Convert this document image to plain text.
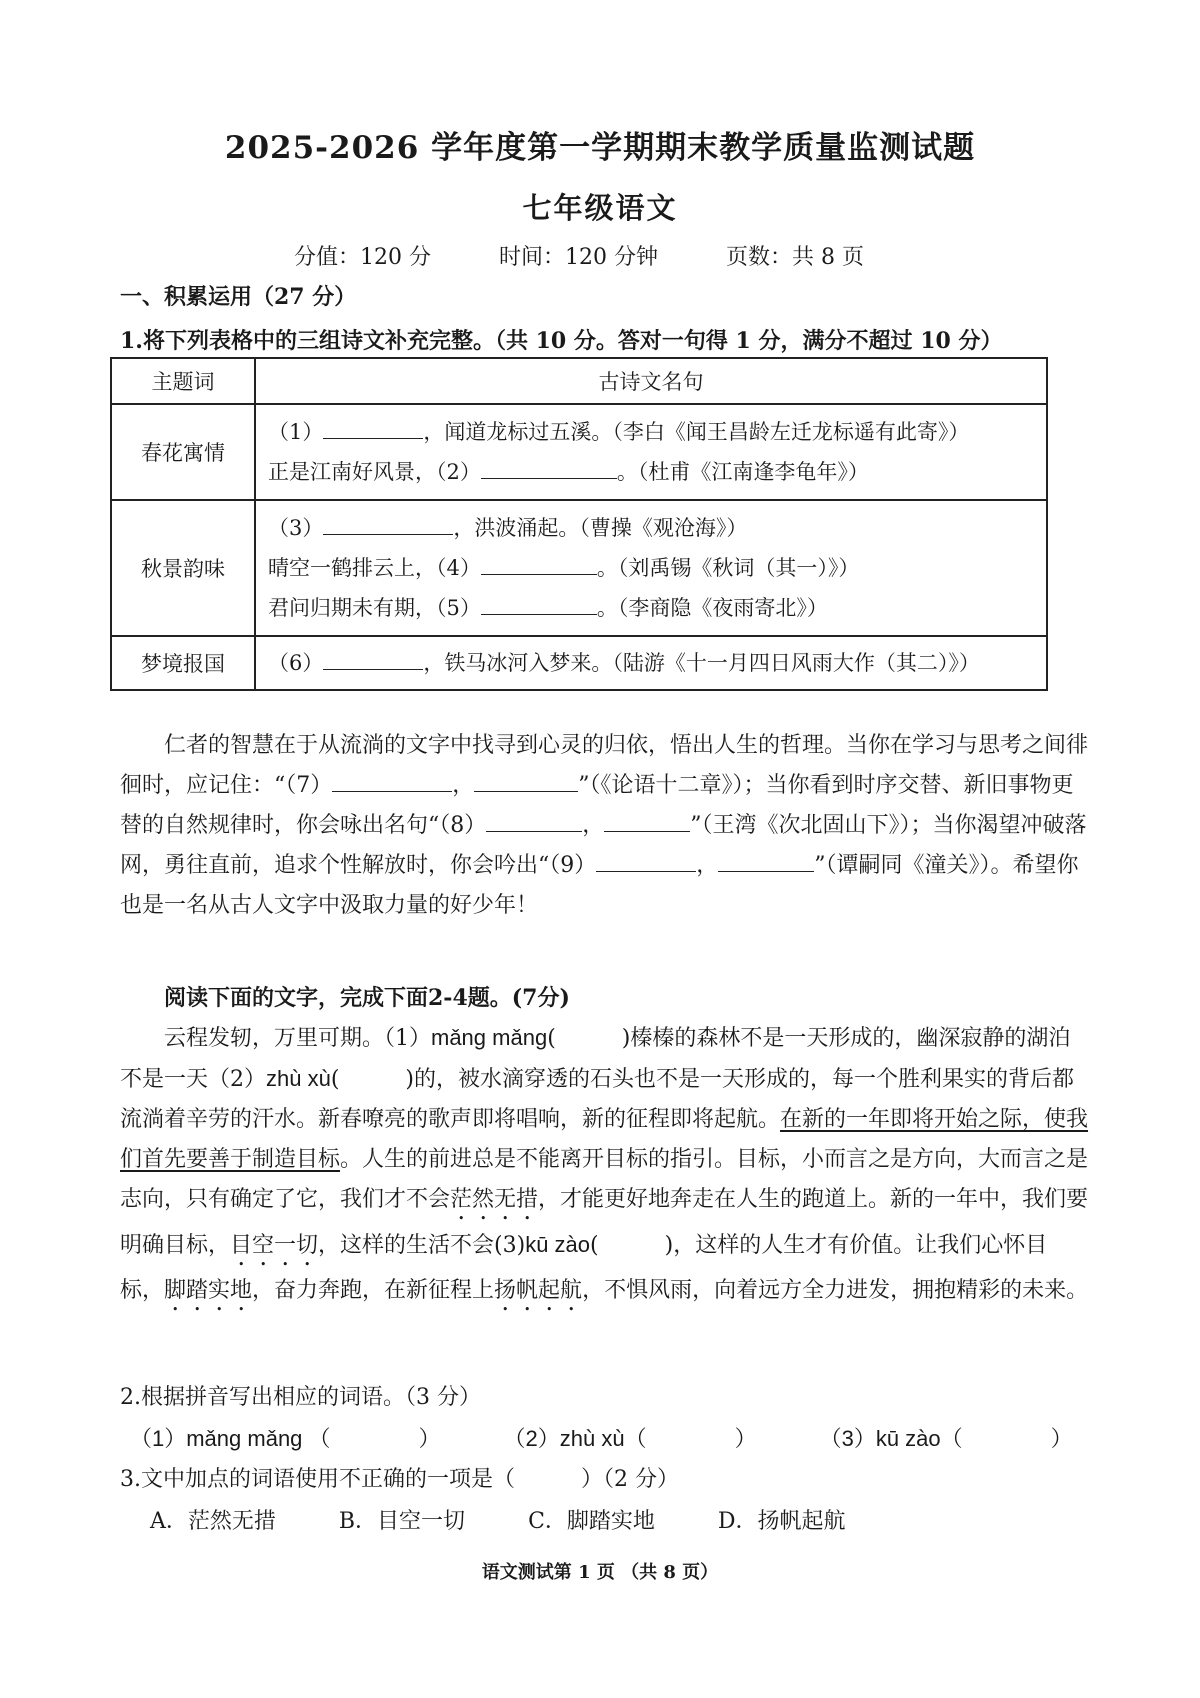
2025-2026 学年度第一学期期末教学质量监测试题
七年级语文
分值：120 分	时间：120 分钟	页数：共 8 页
一、积累运用（27 分）
1.将下列表格中的三组诗文补充完整。（共 10 分。答对一句得 1 分，满分不超过 10 分）
主题词	古诗文名句
春花寓情	（1） ，闻道龙标过五溪。（李白《闻王昌龄左迁龙标遥有此寄》）
正是江南好风景，（2） 。（杜甫《江南逢李龟年》）

秋景韵味	（3） ，洪波涌起。（曹操《观沧海》）
晴空一鹤排云上，（4） 。（刘禹锡《秋词（其一）》）
君问归期未有期，（5） 。（李商隐《夜雨寄北》）

梦境报国	（6） ，铁马冰河入梦来。（陆游《十一月四日风雨大作（其二）》）
仁者的智慧在于从流淌的文字中找寻到心灵的归依，悟出人生的哲理。当你在学习与思考之间徘徊时，应记住：“（7）	，	”（《论语十二章》）；当你看到时序交替、新旧事物更替的自然规律时，你会咏出名句“（8）	，	”（王湾《次北固山下》）；当你渴望冲破落网，勇往直前，追求个性解放时，你会吟出“（9）	，	”（谭嗣同《潼关》）。希望你也是一名从古人文字中汲取力量的好少年！
阅读下面的文字，完成下面2-4题。(7分)
云程发轫，万里可期。（1）mǎng mǎng(　　　)榛榛的森林不是一天形成的，幽深寂静的湖泊不是一天（2）zhù xù(　　　)的，被水滴穿透的石头也不是一天形成的，每一个胜利果实的背后都流淌着辛劳的汗水。新春嘹亮的歌声即将唱响，新的征程即将起航。在新的一年即将开始之际，使我们首先要善于制造目标。人生的前进总是不能离开目标的指引。目标，小而言之是方向，大而言之是志向，只有确定了它，我们才不会茫然无措，才能更好地奔走在人生的跑道上。新的一年中，我们要明确目标，目空一切，这样的生活不会(3)kū zào(　　　)，这样的人生才有价值。让我们心怀目标，脚踏实地，奋力奔跑，在新征程上扬帆起航，不惧风雨，向着远方全力进发，拥抱精彩的未来。
2.根据拼音写出相应的词语。（3 分）
（1）mǎng mǎng （　　　　）	（2）zhù xù（　　　　）	（3）kū zào（　　　　）
3.文中加点的词语使用不正确的一项是（　　　）（2 分）
A．茫然无措	B．目空一切	C．脚踏实地	D．扬帆起航
语文测试第 1 页 （共 8 页）
